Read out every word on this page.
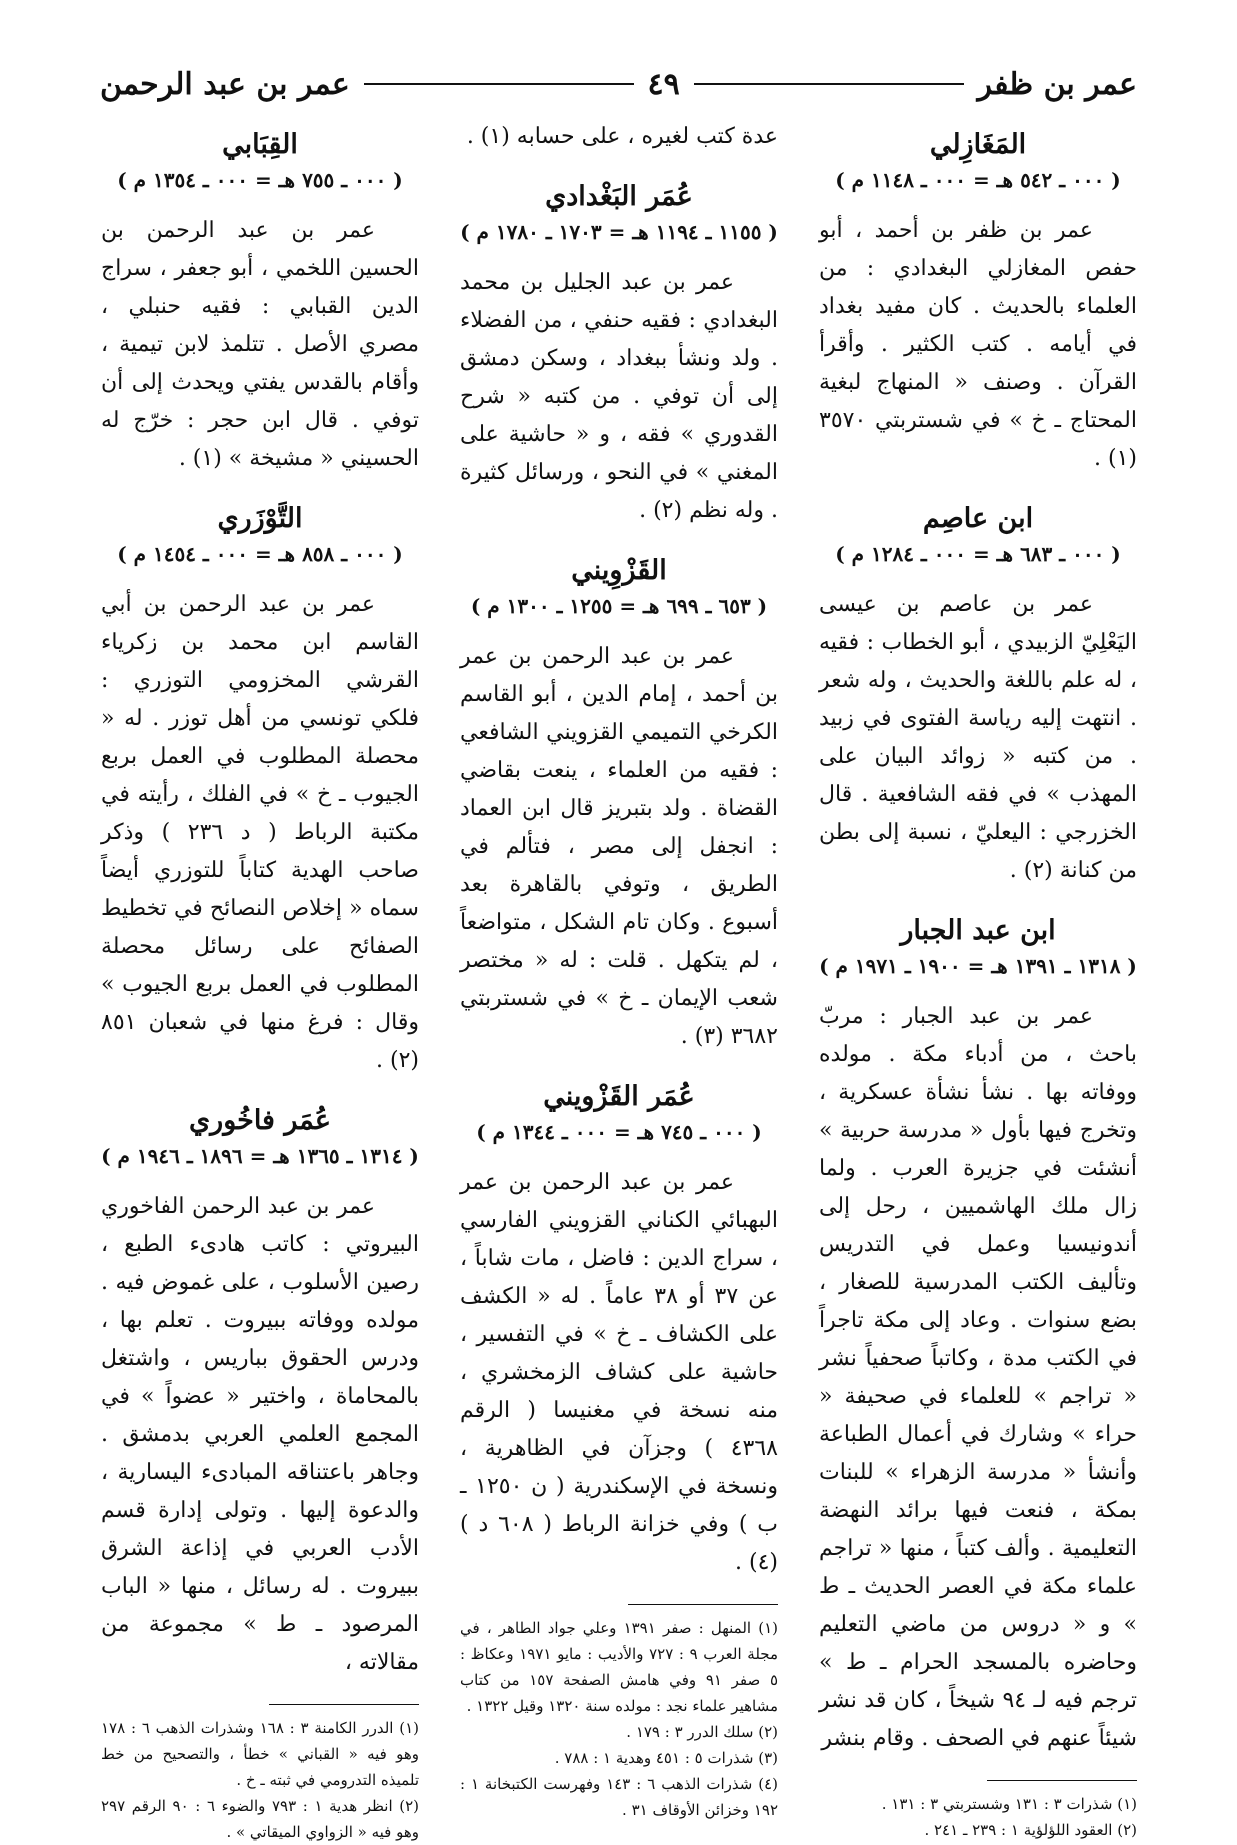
عمر بن ظفر
٤٩
عمر بن عبد الرحمن
المَغَازِلي
( ٠٠٠ ـ ٥٤٢ هـ = ٠٠٠ ـ ١١٤٨ م )

عمر بن ظفر بن أحمد ، أبو حفص المغازلي البغدادي : من العلماء بالحديث . كان مفيد بغداد في أيامه . كتب الكثير . وأقرأ القرآن . وصنف « المنهاج لبغية المحتاج ـ خ » في شستربتي ٣٥٧٠ (١) .

ابن عاصِم
( ٠٠٠ ـ ٦٨٣ هـ = ٠٠٠ ـ ١٢٨٤ م )

عمر بن عاصم بن عيسى اليَعْلِيّ الزبيدي ، أبو الخطاب : فقيه ، له علم باللغة والحديث ، وله شعر . انتهت إليه رياسة الفتوى في زبيد . من كتبه « زوائد البيان على المهذب » في فقه الشافعية . قال الخزرجي : اليعليّ ، نسبة إلى بطن من كنانة (٢) .

ابن عبد الجبار
( ١٣١٨ ـ ١٣٩١ هـ = ١٩٠٠ ـ ١٩٧١ م )

عمر بن عبد الجبار : مربّ باحث ، من أدباء مكة . مولده ووفاته بها . نشأ نشأة عسكرية ، وتخرج فيها بأول « مدرسة حربية » أنشئت في جزيرة العرب . ولما زال ملك الهاشميين ، رحل إلى أندونيسيا وعمل في التدريس وتأليف الكتب المدرسية للصغار ، بضع سنوات . وعاد إلى مكة تاجراً في الكتب مدة ، وكاتباً صحفياً نشر « تراجم » للعلماء في صحيفة « حراء » وشارك في أعمال الطباعة وأنشأ « مدرسة الزهراء » للبنات بمكة ، فنعت فيها برائد النهضة التعليمية . وألف كتباً ، منها « تراجم علماء مكة في العصر الحديث ـ ط » و « دروس من ماضي التعليم وحاضره بالمسجد الحرام ـ ط » ترجم فيه لـ ٩٤ شيخاً ، كان قد نشر شيئاً عنهم في الصحف . وقام بنشر

(١) شذرات ٣ : ١٣١ وشستربتي ٣ : ١٣١ .

(٢) العقود اللؤلؤية ١ : ٢٣٩ ـ ٢٤١ .

عدة كتب لغيره ، على حسابه (١) .

عُمَر البَغْدادي
( ١١٥٥ ـ ١١٩٤ هـ = ١٧٠٣ ـ ١٧٨٠ م )

عمر بن عبد الجليل بن محمد البغدادي : فقيه حنفي ، من الفضلاء . ولد ونشأ ببغداد ، وسكن دمشق إلى أن توفي . من كتبه « شرح القدوري » فقه ، و « حاشية على المغني » في النحو ، ورسائل كثيرة . وله نظم (٢) .

القَزْوِيني
( ٦٥٣ ـ ٦٩٩ هـ = ١٢٥٥ ـ ١٣٠٠ م )

عمر بن عبد الرحمن بن عمر بن أحمد ، إمام الدين ، أبو القاسم الكرخي التميمي القزويني الشافعي : فقيه من العلماء ، ينعت بقاضي القضاة . ولد بتبريز قال ابن العماد : انجفل إلى مصر ، فتألم في الطريق ، وتوفي بالقاهرة بعد أسبوع . وكان تام الشكل ، متواضعاً ، لم يتكهل . قلت : له « مختصر شعب الإيمان ـ خ » في شستربتي ٣٦٨٢ (٣) .

عُمَر القَزْويني
( ٠٠٠ ـ ٧٤٥ هـ = ٠٠٠ ـ ١٣٤٤ م )

عمر بن عبد الرحمن بن عمر البهبائي الكناني القزويني الفارسي ، سراج الدين : فاضل ، مات شاباً ، عن ٣٧ أو ٣٨ عاماً . له « الكشف على الكشاف ـ خ » في التفسير ، حاشية على كشاف الزمخشري ، منه نسخة في مغنيسا ( الرقم ٤٣٦٨ ) وجزآن في الظاهرية ، ونسخة في الإسكندرية ( ن ١٢٥٠ ـ ب ) وفي خزانة الرباط ( ٦٠٨ د ) (٤) .

(١) المنهل : صفر ١٣٩١ وعلي جواد الطاهر ، في مجلة العرب ٩ : ٧٢٧ والأديب : مايو ١٩٧١ وعكاظ : ٥ صفر ٩١ وفي هامش الصفحة ١٥٧ من كتاب مشاهير علماء نجد : مولده سنة ١٣٢٠ وقيل ١٣٢٢ .

(٢) سلك الدرر ٣ : ١٧٩ .

(٣) شذرات ٥ : ٤٥١ وهدية ١ : ٧٨٨ .

(٤) شذرات الذهب ٦ : ١٤٣ وفهرست الكتبخانة ١ : ١٩٢ وخزائن الأوقاف ٣١ .

القِبَابي
( ٠٠٠ ـ ٧٥٥ هـ = ٠٠٠ ـ ١٣٥٤ م )

عمر بن عبد الرحمن بن الحسين اللخمي ، أبو جعفر ، سراج الدين القبابي : فقيه حنبلي ، مصري الأصل . تتلمذ لابن تيمية ، وأقام بالقدس يفتي ويحدث إلى أن توفي . قال ابن حجر : خرّج له الحسيني « مشيخة » (١) .

التَّوْزَري
( ٠٠٠ ـ ٨٥٨ هـ = ٠٠٠ ـ ١٤٥٤ م )

عمر بن عبد الرحمن بن أبي القاسم ابن محمد بن زكرياء القرشي المخزومي التوزري : فلكي تونسي من أهل توزر . له « محصلة المطلوب في العمل بربع الجيوب ـ خ » في الفلك ، رأيته في مكتبة الرباط ( د ٢٣٦ ) وذكر صاحب الهدية كتاباً للتوزري أيضاً سماه « إخلاص النصائح في تخطيط الصفائح على رسائل محصلة المطلوب في العمل بربع الجيوب » وقال : فرغ منها في شعبان ٨٥١ (٢) .

عُمَر فاخُوري
( ١٣١٤ ـ ١٣٦٥ هـ = ١٨٩٦ ـ ١٩٤٦ م )

عمر بن عبد الرحمن الفاخوري البيروتي : كاتب هادىء الطبع ، رصين الأسلوب ، على غموض فيه . مولده ووفاته ببيروت . تعلم بها ، ودرس الحقوق بباريس ، واشتغل بالمحاماة ، واختير « عضواً » في المجمع العلمي العربي بدمشق . وجاهر باعتناقه المبادىء اليسارية ، والدعوة إليها . وتولى إدارة قسم الأدب العربي في إذاعة الشرق ببيروت . له رسائل ، منها « الباب المرصود ـ ط » مجموعة من مقالاته ،

(١) الدرر الكامنة ٣ : ١٦٨ وشذرات الذهب ٦ : ١٧٨ وهو فيه « القباني » خطأ ، والتصحيح من خط تلميذه التدرومي في ثبته ـ خ .

(٢) انظر هدية ١ : ٧٩٣ والضوء ٦ : ٩٠ الرقم ٢٩٧ وهو فيه « الزواوي الميقاتي » .
